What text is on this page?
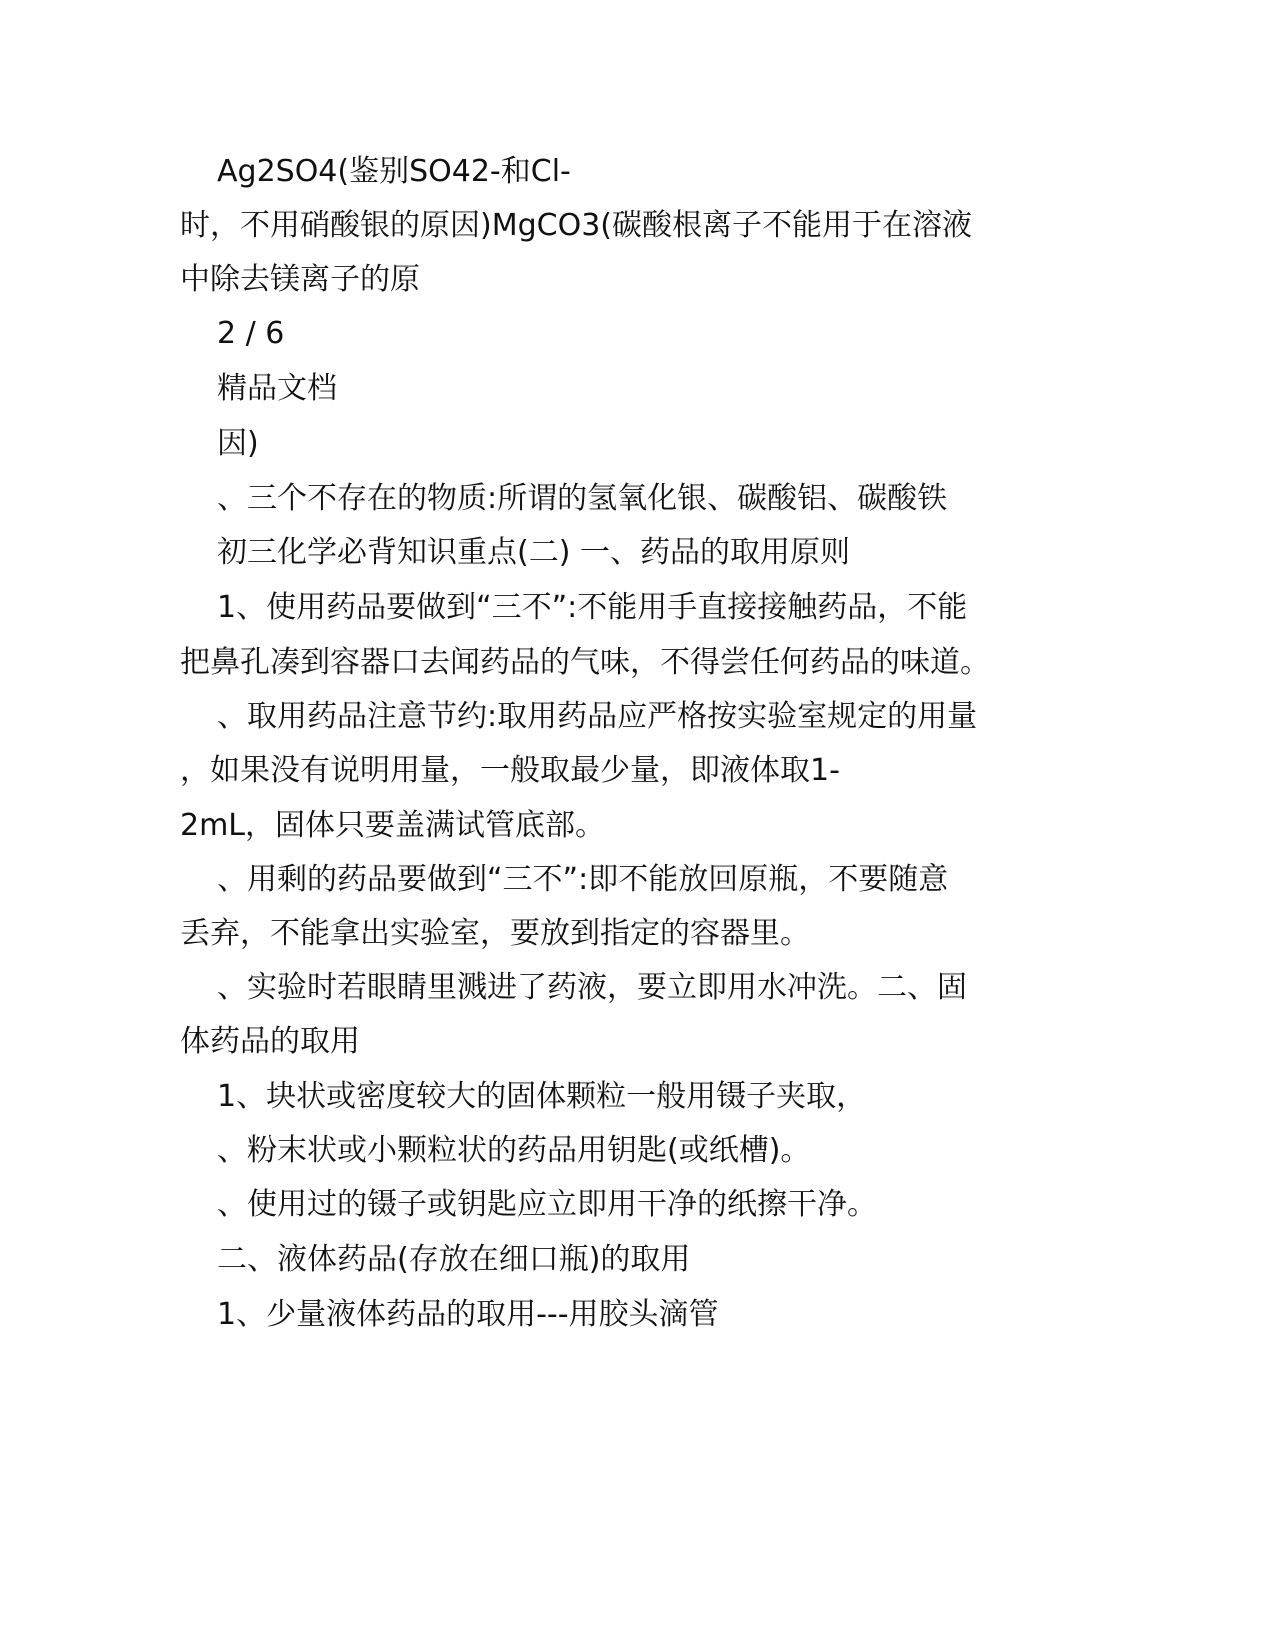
Ag2SO4(鉴别SO42-和Cl-
时，不用硝酸银的原因)MgCO3(碳酸根离子不能用于在溶液
中除去镁离子的原
2 / 6
精品文档
因)
、三个不存在的物质:所谓的氢氧化银、碳酸铝、碳酸铁
初三化学必背知识重点(二) 一、药品的取用原则
1、使用药品要做到“三不”:不能用手直接接触药品，不能
把鼻孔凑到容器口去闻药品的气味，不得尝任何药品的味道。
、取用药品注意节约:取用药品应严格按实验室规定的用量
，如果没有说明用量，一般取最少量，即液体取1-
2mL，固体只要盖满试管底部。
、用剩的药品要做到“三不”:即不能放回原瓶，不要随意
丢弃，不能拿出实验室，要放到指定的容器里。
、实验时若眼睛里溅进了药液，要立即用水冲洗。二、固
体药品的取用
1、块状或密度较大的固体颗粒一般用镊子夹取，
、粉末状或小颗粒状的药品用钥匙(或纸槽)。
、使用过的镊子或钥匙应立即用干净的纸擦干净。
二、液体药品(存放在细口瓶)的取用
1、少量液体药品的取用---用胶头滴管
